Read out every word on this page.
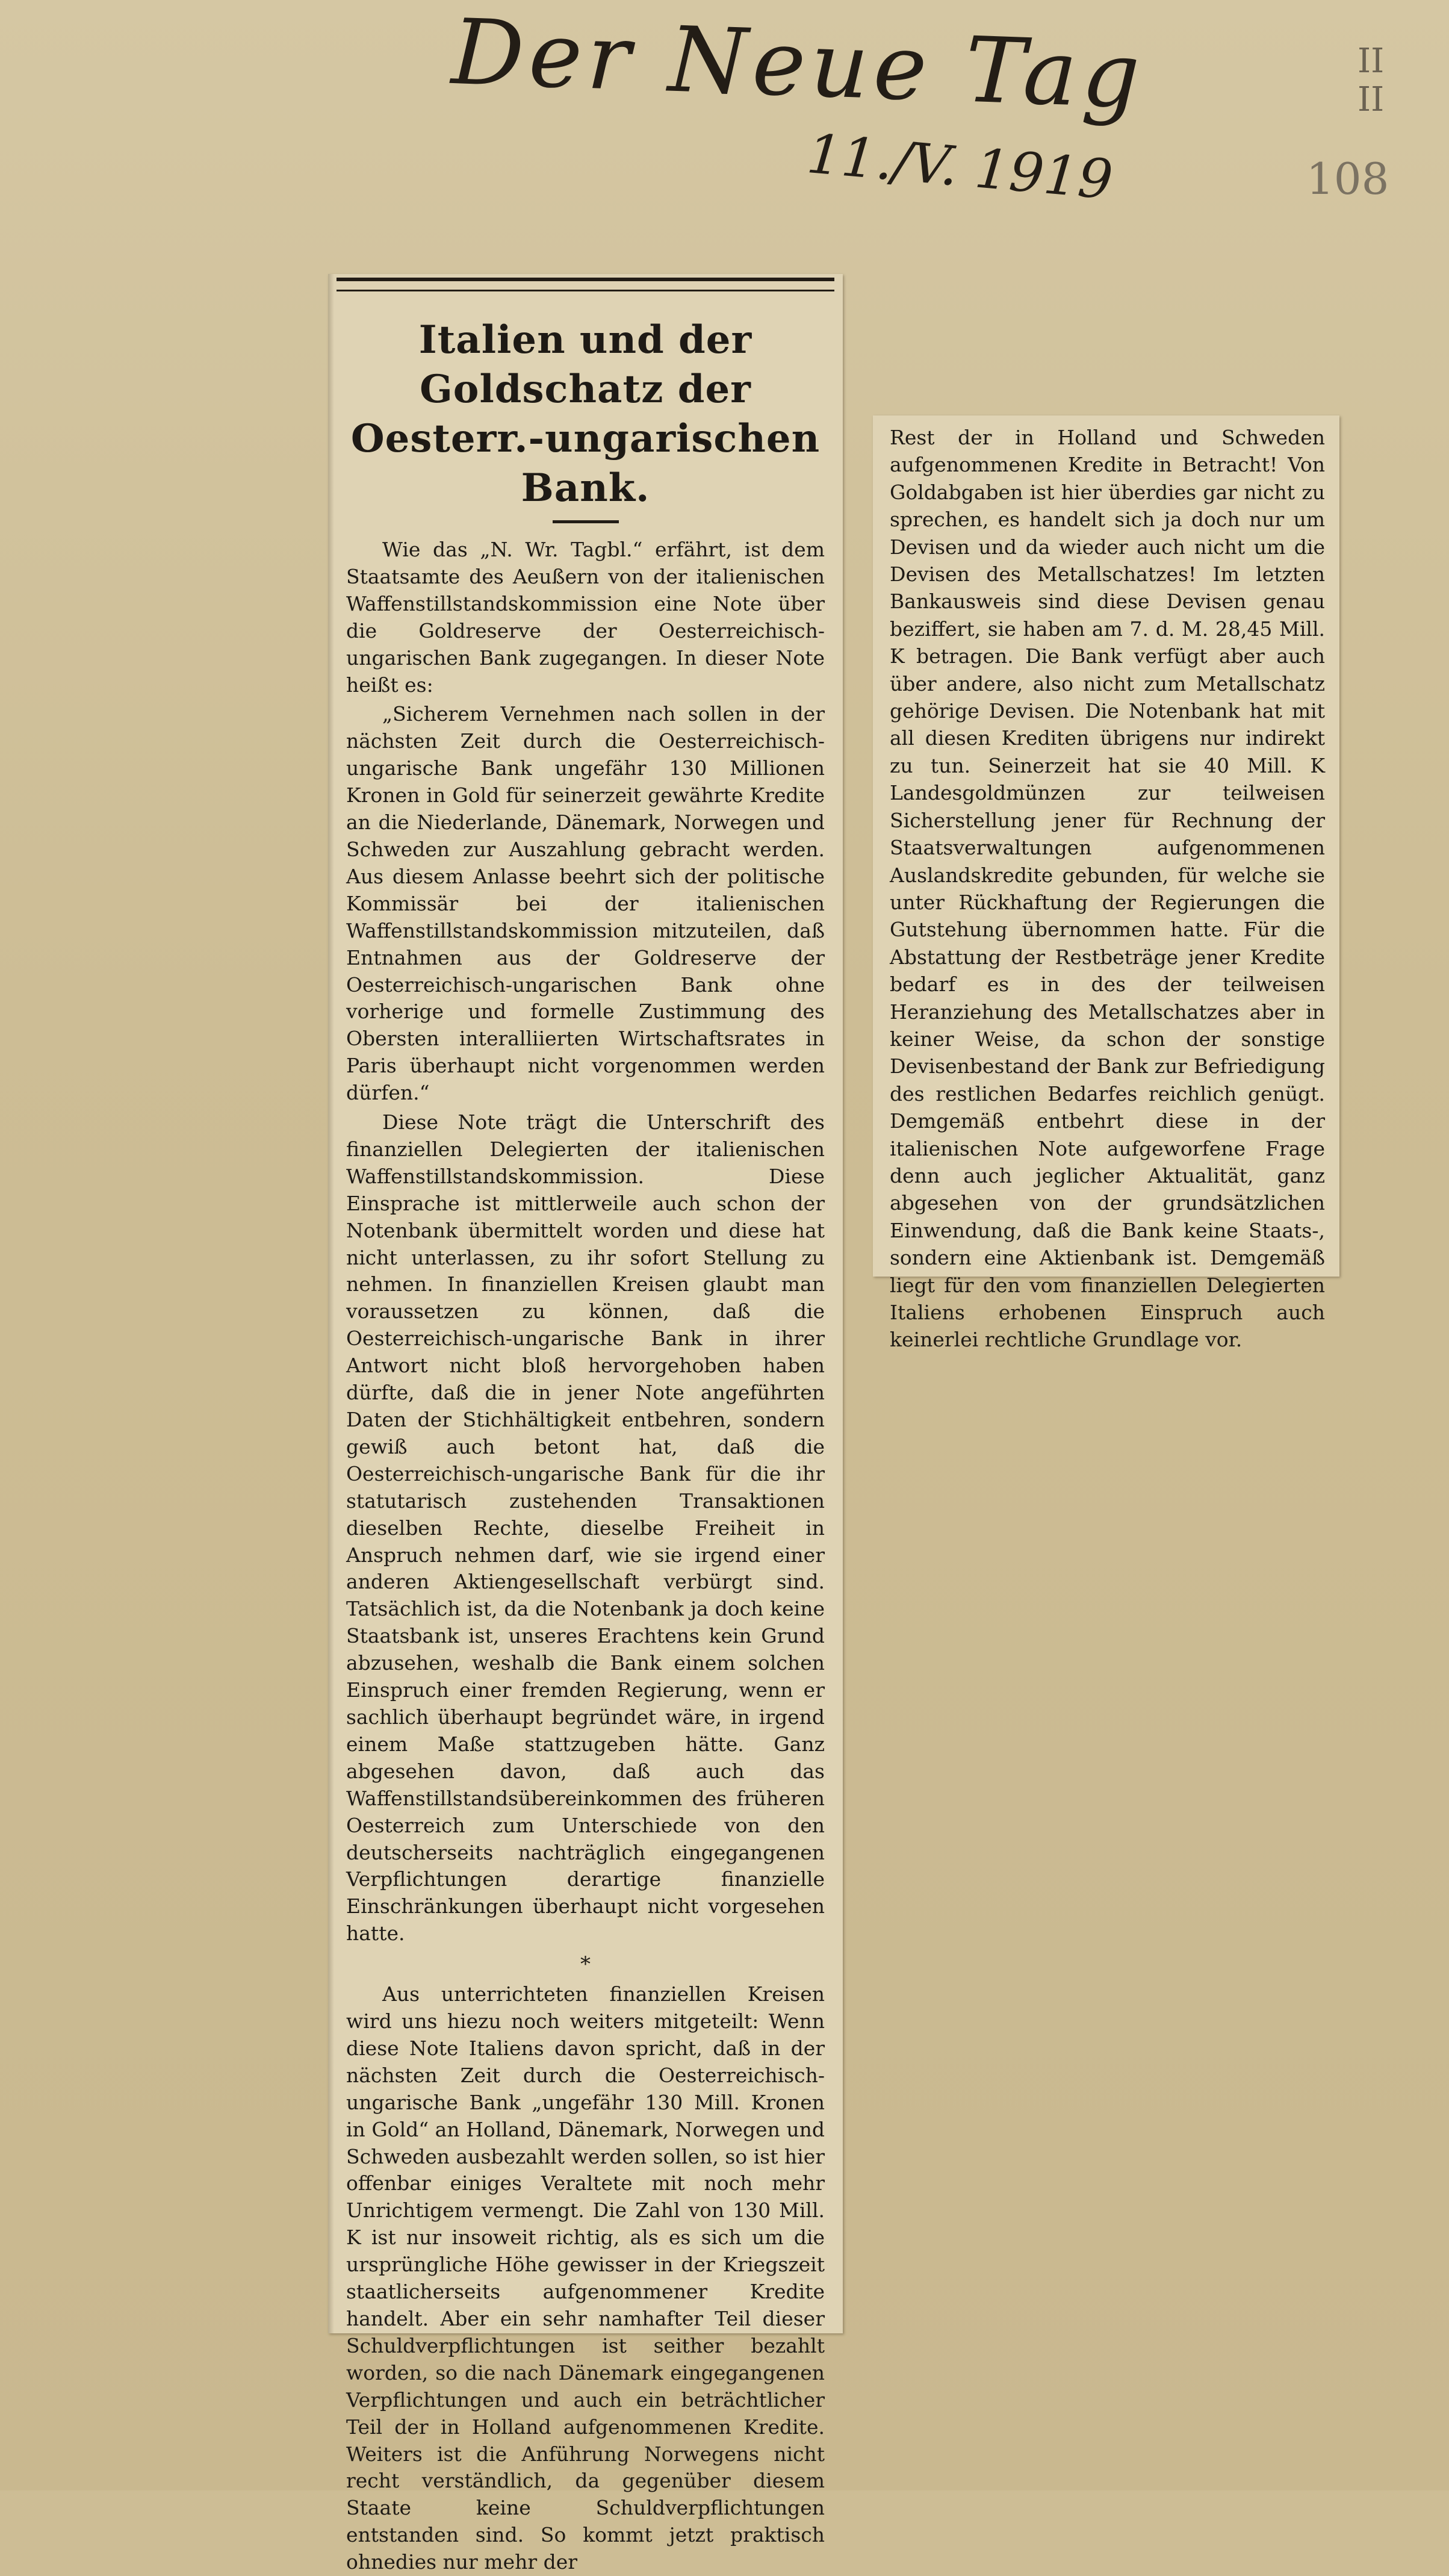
Der Neue Tag
11./V. 1919
II
II
108
Italien und der Goldschatz der Oesterr.-ungarischen Bank.

Wie das „N. Wr. Tagbl.“ erfährt, ist dem Staatsamte des Aeußern von der italienischen Waffenstillstandskommission eine Note über die Goldreserve der Oesterreichisch-ungarischen Bank zugegangen. In dieser Note heißt es:

„Sicherem Vernehmen nach sollen in der nächsten Zeit durch die Oesterreichisch-ungarische Bank ungefähr 130 Millionen Kronen in Gold für seinerzeit gewährte Kredite an die Niederlande, Dänemark, Norwegen und Schweden zur Auszahlung gebracht werden. Aus diesem Anlasse beehrt sich der politische Kommissär bei der italienischen Waffenstillstandskommission mitzuteilen, daß Entnahmen aus der Goldreserve der Oesterreichisch-ungarischen Bank ohne vorherige und formelle Zustimmung des Obersten interalliierten Wirtschaftsrates in Paris überhaupt nicht vorgenommen werden dürfen.“

Diese Note trägt die Unterschrift des finanziellen Delegierten der italienischen Waffenstillstandskommission. Diese Einsprache ist mittlerweile auch schon der Notenbank übermittelt worden und diese hat nicht unterlassen, zu ihr sofort Stellung zu nehmen. In finanziellen Kreisen glaubt man voraussetzen zu können, daß die Oesterreichisch-ungarische Bank in ihrer Antwort nicht bloß hervorgehoben haben dürfte, daß die in jener Note angeführten Daten der Stichhältigkeit entbehren, sondern gewiß auch betont hat, daß die Oesterreichisch-ungarische Bank für die ihr statutarisch zustehenden Transaktionen dieselben Rechte, dieselbe Freiheit in Anspruch nehmen darf, wie sie irgend einer anderen Aktiengesellschaft verbürgt sind. Tatsächlich ist, da die Notenbank ja doch keine Staatsbank ist, unseres Erachtens kein Grund abzusehen, weshalb die Bank einem solchen Einspruch einer fremden Regierung, wenn er sachlich überhaupt begründet wäre, in irgend einem Maße stattzugeben hätte. Ganz abgesehen davon, daß auch das Waffenstillstandsübereinkommen des früheren Oesterreich zum Unterschiede von den deutscherseits nachträglich eingegangenen Verpflichtungen derartige finanzielle Einschränkungen überhaupt nicht vorgesehen hatte.

*

Aus unterrichteten finanziellen Kreisen wird uns hiezu noch weiters mitgeteilt: Wenn diese Note Italiens davon spricht, daß in der nächsten Zeit durch die Oesterreichisch-ungarische Bank „ungefähr 130 Mill. Kronen in Gold“ an Holland, Dänemark, Norwegen und Schweden ausbezahlt werden sollen, so ist hier offenbar einiges Veraltete mit noch mehr Unrichtigem vermengt. Die Zahl von 130 Mill. K ist nur insoweit richtig, als es sich um die ursprüngliche Höhe gewisser in der Kriegszeit staatlicherseits aufgenommener Kredite handelt. Aber ein sehr namhafter Teil dieser Schuldverpflichtungen ist seither bezahlt worden, so die nach Dänemark eingegangenen Verpflichtungen und auch ein beträchtlicher Teil der in Holland aufgenommenen Kredite. Weiters ist die Anführung Norwegens nicht recht verständlich, da gegenüber diesem Staate keine Schuldverpflichtungen entstanden sind. So kommt jetzt praktisch ohnedies nur mehr der

Rest der in Holland und Schweden aufgenommenen Kredite in Betracht! Von Goldabgaben ist hier überdies gar nicht zu sprechen, es handelt sich ja doch nur um Devisen und da wieder auch nicht um die Devisen des Metallschatzes! Im letzten Bankausweis sind diese Devisen genau beziffert, sie haben am 7. d. M. 28,45 Mill. K betragen. Die Bank verfügt aber auch über andere, also nicht zum Metallschatz gehörige Devisen. Die Notenbank hat mit all diesen Krediten übrigens nur indirekt zu tun. Seinerzeit hat sie 40 Mill. K Landesgoldmünzen zur teilweisen Sicherstellung jener für Rechnung der Staatsverwaltungen aufgenommenen Auslandskredite gebunden, für welche sie unter Rückhaftung der Regierungen die Gutstehung übernommen hatte. Für die Abstattung der Restbeträge jener Kredite bedarf es in des der teilweisen Heranziehung des Metallschatzes aber in keiner Weise, da schon der sonstige Devisenbestand der Bank zur Befriedigung des restlichen Bedarfes reichlich genügt. Demgemäß entbehrt diese in der italienischen Note aufgeworfene Frage denn auch jeglicher Aktualität, ganz abgesehen von der grundsätzlichen Einwendung, daß die Bank keine Staats-, sondern eine Aktienbank ist. Demgemäß liegt für den vom finanziellen Delegierten Italiens erhobenen Einspruch auch keinerlei rechtliche Grundlage vor.
